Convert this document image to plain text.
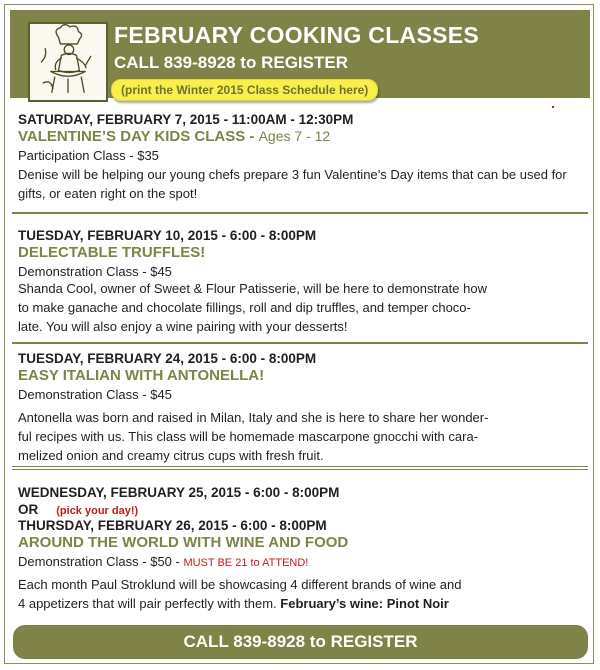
FEBRUARY COOKING CLASSES
CALL 839-8928 to REGISTER
(print the Winter 2015 Class Schedule here)
SATURDAY, FEBRUARY 7, 2015 - 11:00AM - 12:30PM
VALENTINE’S DAY KIDS CLASS - Ages 7 - 12
Participation Class - $35
Denise will be helping our young chefs prepare 3 fun Valentine’s Day items that can be used for gifts, or eaten right on the spot!
TUESDAY, FEBRUARY 10, 2015 - 6:00 - 8:00PM
DELECTABLE TRUFFLES!
Demonstration Class - $45
Shanda Cool, owner of Sweet & Flour Patisserie, will be here to demonstrate how
to make ganache and chocolate fillings, roll and dip truffles, and temper choco-
late. You will also enjoy a wine pairing with your desserts!
TUESDAY, FEBRUARY 24, 2015 - 6:00 - 8:00PM
EASY ITALIAN WITH ANTONELLA!
Demonstration Class - $45
Antonella was born and raised in Milan, Italy and she is here to share her wonder-
ful recipes with us. This class will be homemade mascarpone gnocchi with cara-
melized onion and creamy citrus cups with fresh fruit.
WEDNESDAY, FEBRUARY 25, 2015 - 6:00 - 8:00PM
OR (pick your day!)
THURSDAY, FEBRUARY 26, 2015 - 6:00 - 8:00PM
AROUND THE WORLD WITH WINE AND FOOD
Demonstration Class - $50 - MUST BE 21 to ATTEND!
Each month Paul Stroklund will be showcasing 4 different brands of wine and
4 appetizers that will pair perfectly with them. February’s wine: Pinot Noir
CALL 839-8928 to REGISTER
